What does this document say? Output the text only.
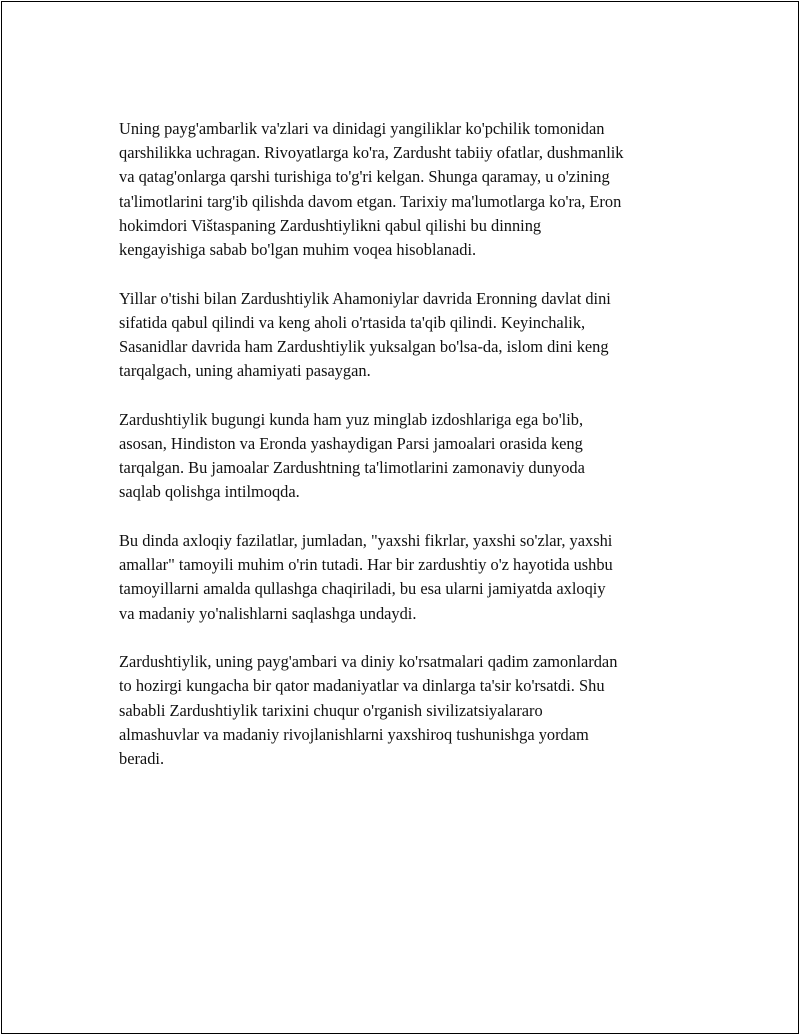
Uning payg'ambarlik va'zlari va dinidagi yangiliklar ko'pchilik tomonidan
qarshilikka uchragan. Rivoyatlarga ko'ra, Zardusht tabiiy ofatlar, dushmanlik
va qatag'onlarga qarshi turishiga to'g'ri kelgan. Shunga qaramay, u o'zining
ta'limotlarini targ'ib qilishda davom etgan. Tarixiy ma'lumotlarga ko'ra, Eron
hokimdori Vištaspaning Zardushtiylikni qabul qilishi bu dinning
kengayishiga sabab bo'lgan muhim voqea hisoblanadi.

Yillar o'tishi bilan Zardushtiylik Ahamoniylar davrida Eronning davlat dini
sifatida qabul qilindi va keng aholi o'rtasida ta'qib qilindi. Keyinchalik,
Sasanidlar davrida ham Zardushtiylik yuksalgan bo'lsa-da, islom dini keng
tarqalgach, uning ahamiyati pasaygan.

Zardushtiylik bugungi kunda ham yuz minglab izdoshlariga ega bo'lib,
asosan, Hindiston va Eronda yashaydigan Parsi jamoalari orasida keng
tarqalgan. Bu jamoalar Zardushtning ta'limotlarini zamonaviy dunyoda
saqlab qolishga intilmoqda.

Bu dinda axloqiy fazilatlar, jumladan, "yaxshi fikrlar, yaxshi so'zlar, yaxshi
amallar" tamoyili muhim o'rin tutadi. Har bir zardushtiy o'z hayotida ushbu
tamoyillarni amalda qullashga chaqiriladi, bu esa ularni jamiyatda axloqiy
va madaniy yo'nalishlarni saqlashga undaydi.

Zardushtiylik, uning payg'ambari va diniy ko'rsatmalari qadim zamonlardan
to hozirgi kungacha bir qator madaniyatlar va dinlarga ta'sir ko'rsatdi. Shu
sababli Zardushtiylik tarixini chuqur o'rganish sivilizatsiyalararo
almashuvlar va madaniy rivojlanishlarni yaxshiroq tushunishga yordam
beradi.
